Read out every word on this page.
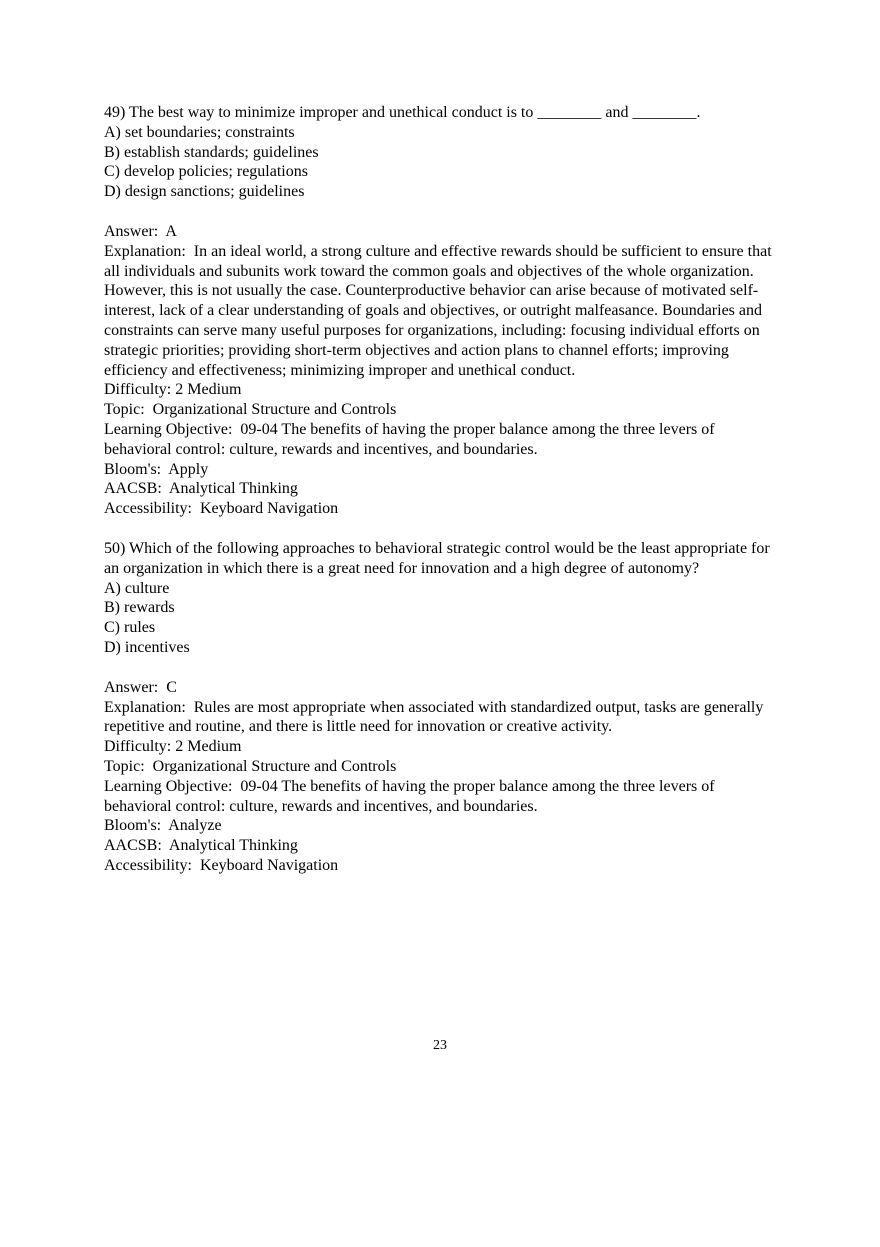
49) The best way to minimize improper and unethical conduct is to ________ and ________.
A) set boundaries; constraints
B) establish standards; guidelines
C) develop policies; regulations
D) design sanctions; guidelines
Answer:  A
Explanation:  In an ideal world, a strong culture and effective rewards should be sufficient to ensure that all individuals and subunits work toward the common goals and objectives of the whole organization. However, this is not usually the case. Counterproductive behavior can arise because of motivated self-interest, lack of a clear understanding of goals and objectives, or outright malfeasance. Boundaries and constraints can serve many useful purposes for organizations, including: focusing individual efforts on strategic priorities; providing short-term objectives and action plans to channel efforts; improving efficiency and effectiveness; minimizing improper and unethical conduct.
Difficulty: 2 Medium
Topic:  Organizational Structure and Controls
Learning Objective:  09-04 The benefits of having the proper balance among the three levers of behavioral control: culture, rewards and incentives, and boundaries.
Bloom's:  Apply
AACSB:  Analytical Thinking
Accessibility:  Keyboard Navigation
50) Which of the following approaches to behavioral strategic control would be the least appropriate for an organization in which there is a great need for innovation and a high degree of autonomy?
A) culture
B) rewards
C) rules
D) incentives
Answer:  C
Explanation:  Rules are most appropriate when associated with standardized output, tasks are generally repetitive and routine, and there is little need for innovation or creative activity.
Difficulty: 2 Medium
Topic:  Organizational Structure and Controls
Learning Objective:  09-04 The benefits of having the proper balance among the three levers of behavioral control: culture, rewards and incentives, and boundaries.
Bloom's:  Analyze
AACSB:  Analytical Thinking
Accessibility:  Keyboard Navigation
23
